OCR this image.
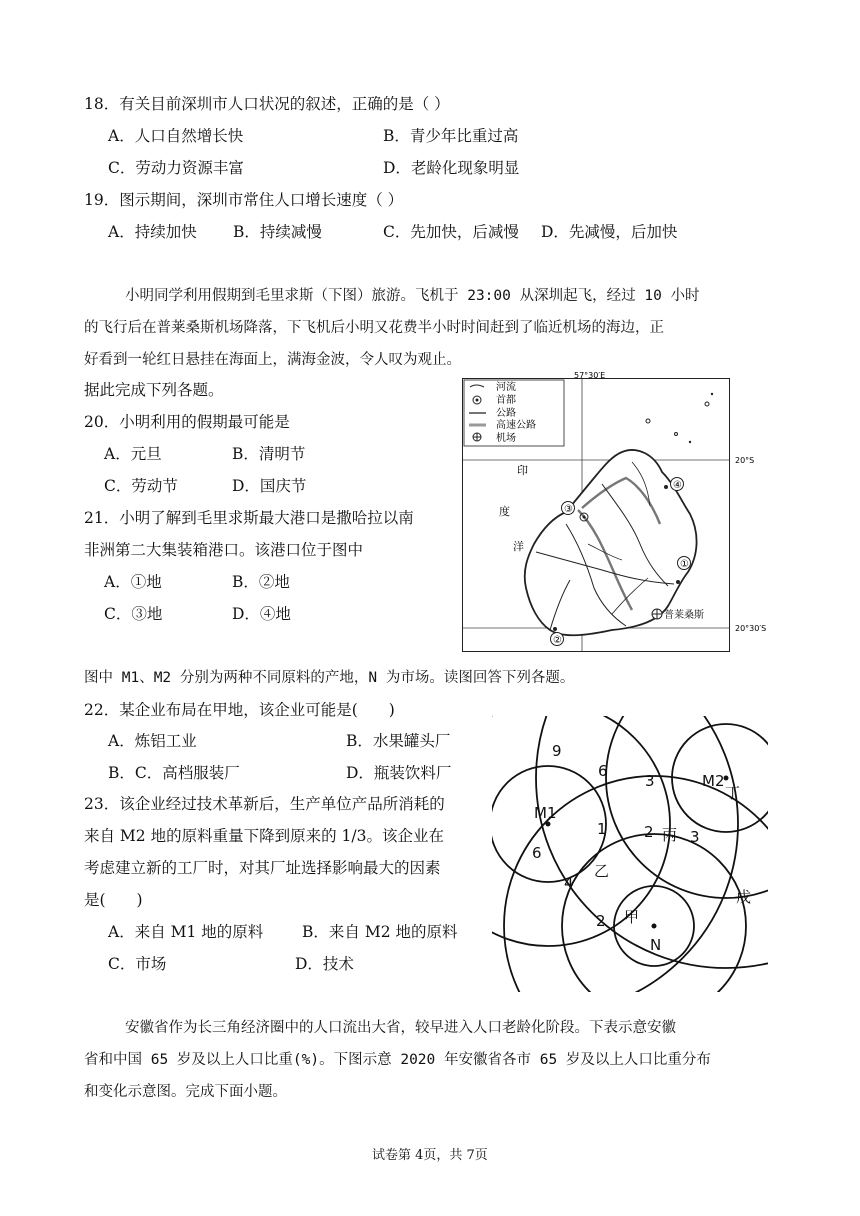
18．有关目前深圳市人口状况的叙述，正确的是（ ）
A．人口自然增长快	B．青少年比重过高
C．劳动力资源丰富	D．老龄化现象明显
19．图示期间，深圳市常住人口增长速度（ ）
A．持续加快 B．持续减慢	C．先加快，后减慢 D．先减慢，后加快
小明同学利用假期到毛里求斯（下图）旅游。飞机于 23:00 从深圳起飞，经过 10 小时
的飞行后在普莱桑斯机场降落，下飞机后小明又花费半小时时间赶到了临近机场的海边，正
好看到一轮红日悬挂在海面上，满海金波，令人叹为观止。
据此完成下列各题。
20．小明利用的假期最可能是
A．元旦	B．清明节
C．劳动节	D．国庆节
21．小明了解到毛里求斯最大港口是撒哈拉以南
非洲第二大集装箱港口。该港口位于图中
A．①地	B．②地
C．③地	D．④地
57°30′E
20°S
20°30′S
河流
首都
公路
高速公路
机场
④
③
①
②
普莱桑斯
印
度
洋
图中 M1、M2 分别为两种不同原料的产地，N 为市场。读图回答下列各题。
22．某企业布局在甲地，该企业可能是(　　)
A．炼铝工业	B．水果罐头厂
B．C．高档服装厂	D．瓶装饮料厂
23．该企业经过技术革新后，生产单位产品所消耗的
来自 M2 地的原料重量下降到原来的 1/3。该企业在
考虑建立新的工厂时，对其厂址选择影响最大的因素
是(　　)
A．来自 M1 地的原料 B．来自 M2 地的原料
C．市场	D．技术
9
6
3
1 2 3
6
4
2
M1
M2
N
甲
乙
丙
丁
戊
安徽省作为长三角经济圈中的人口流出大省，较早进入人口老龄化阶段。下表示意安徽
省和中国 65 岁及以上人口比重(%)。下图示意 2020 年安徽省各市 65 岁及以上人口比重分布
和变化示意图。完成下面小题。
试卷第 4页，共 7页
